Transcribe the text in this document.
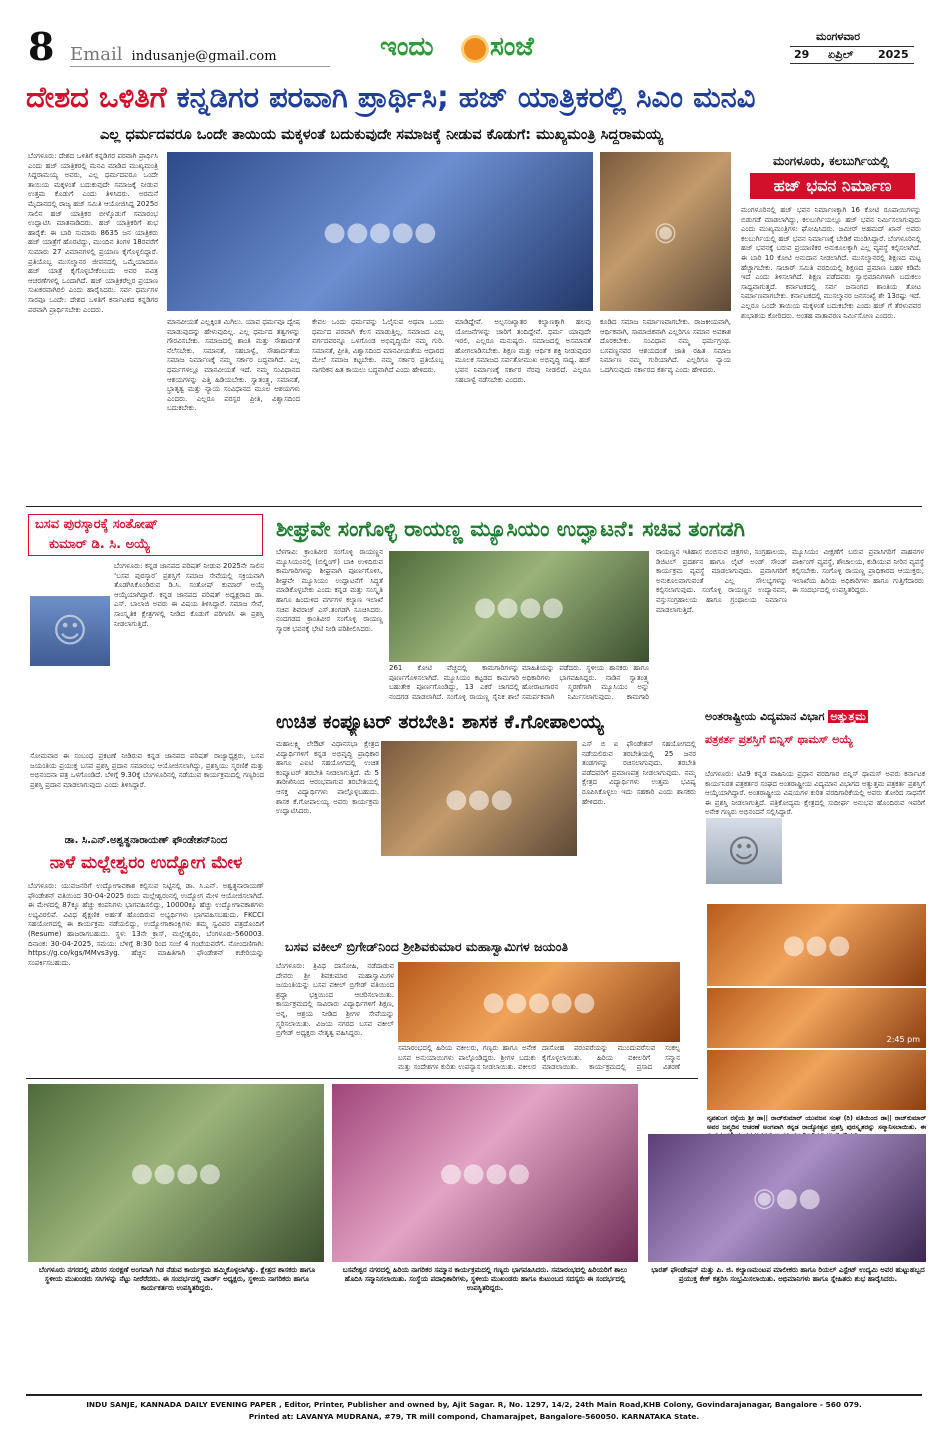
8 Email indusanje@gmail.com	ಇಂದು ಸಂಜೆ	ಮಂಗಳವಾರ
29 ಏಪ್ರಿಲ್ 2025
ದೇಶದ ಒಳಿತಿಗೆ ಕನ್ನಡಿಗರ ಪರವಾಗಿ ಪ್ರಾರ್ಥಿಸಿ; ಹಜ್ ಯಾತ್ರಿಕರಲ್ಲಿ ಸಿಎಂ ಮನವಿ
ಎಲ್ಲ ಧರ್ಮದವರೂ ಒಂದೇ ತಾಯಿಯ ಮಕ್ಕಳಂತೆ ಬದುಕುವುದೇ ಸಮಾಜಕ್ಕೆ ನೀಡುವ ಕೊಡುಗೆ: ಮುಖ್ಯಮಂತ್ರಿ ಸಿದ್ದರಾಮಯ್ಯ
ಬೆಂಗಳೂರು: ದೇಶದ ಒಳಿತಿಗೆ ಕನ್ನಡಿಗರ ಪರವಾಗಿ ಪ್ರಾರ್ಥಿಸಿ ಎಂದು ಹಜ್ ಯಾತ್ರಿಕರಲ್ಲಿ ಮನವಿ ಮಾಡಿದ ಮುಖ್ಯಮಂತ್ರಿ ಸಿದ್ದರಾಮಯ್ಯ ಅವರು, ಎಲ್ಲ ಧರ್ಮದವರೂ ಒಂದೇ ತಾಯಿಯ ಮಕ್ಕಳಂತೆ ಬದುಕುವುದೇ ಸಮಾಜಕ್ಕೆ ನೀಡುವ ಉತ್ತಮ ಕೊಡುಗೆ ಎಂದು ತಿಳಿಸಿದರು. ಅರಮನೆ ಮೈದಾನದಲ್ಲಿ ರಾಜ್ಯ ಹಜ್ ಸಮಿತಿ ಆಯೋಜಿಸಿದ್ದ 2025ರ ಸಾಲಿನ ಹಜ್ ಯಾತ್ರಿಕರ ಬೀಳ್ಕೊಡುಗೆ ಸಮಾರಂಭ ಉದ್ಘಾಟಿಸಿ ಮಾತನಾಡಿದರು. ಹಜ್ ಯಾತ್ರಿಕರಿಗೆ ಶುಭ ಹಾರೈಕೆ: ಈ ಬಾರಿ ಸುಮಾರು 8635 ಜನ ಯಾತ್ರಿಕರು ಹಜ್ ಯಾತ್ರೆಗೆ ಹೊರಟಿದ್ದು, ಮುಂದಿನ ತಿಂಗಳ 18ರವರೆಗೆ ಸುಮಾರು 27 ವಿಮಾನಗಳಲ್ಲಿ ಪ್ರಯಾಣ ಕೈಗೊಳ್ಳಲಿದ್ದಾರೆ. ಪ್ರತಿಯೊಬ್ಬ ಮುಸಲ್ಮಾನರ ಜೀವನದಲ್ಲಿ ಒಮ್ಮೆಯಾದರೂ ಹಜ್ ಯಾತ್ರೆ ಕೈಗೊಳ್ಳಬೇಕೆಂಬುದು ಅವರ ಪವಿತ್ರ ಆಚರಣೆಗಳಲ್ಲಿ ಒಂದಾಗಿದೆ. ಹಜ್ ಯಾತ್ರಿಕರೆಲ್ಲರ ಪ್ರಯಾಣ ಸುಖಕರವಾಗಿರಲಿ ಎಂದು ಹಾರೈಸಿದರು. ಸರ್ವ ಧರ್ಮಗಳ ಸಾರವೂ ಒಂದೇ: ದೇಶದ ಒಳಿತಿಗೆ ಕರ್ನಾಟಕದ ಕನ್ನಡಿಗರ ಪರವಾಗಿ ಪ್ರಾರ್ಥಿಸಬೇಕು ಎಂದರು.
●●●●●	◉
ಮಾನವೀಯತೆ ಎಲ್ಲಕ್ಕಿಂತ ಮಿಗಿಲು. ಯಾವ ಧರ್ಮವೂ ದ್ವೇಷ ಮಾಡುವುದನ್ನು ಹೇಳುವುದಿಲ್ಲ. ಎಲ್ಲ ಧರ್ಮದ ತತ್ವಗಳನ್ನು ಗೌರವಿಸಬೇಕು. ಸಮಾಜದಲ್ಲಿ ಶಾಂತಿ ಮತ್ತು ಸೌಹಾರ್ದತೆ ನೆಲೆಸಬೇಕು. ಸಮಾನತೆ, ಸಹಬಾಳ್ವೆ, ಸೌಹಾರ್ದತೆಯ ಸಮಾಜ ನಿರ್ಮಾಣಕ್ಕೆ ನಮ್ಮ ಸರ್ಕಾರ ಬದ್ಧವಾಗಿದೆ. ಎಲ್ಲ ಧರ್ಮಗಳಲ್ಲೂ ಮಾನವೀಯತೆ ಇದೆ. ನಮ್ಮ ಸಂವಿಧಾನದ ಆಶಯಗಳನ್ನು ಎತ್ತಿ ಹಿಡಿಯಬೇಕು. ಸ್ವಾತಂತ್ರ್ಯ, ಸಮಾನತೆ, ಭ್ರಾತೃತ್ವ ಮತ್ತು ನ್ಯಾಯ ಸಂವಿಧಾನದ ಮೂಲ ಆಶಯಗಳು ಎಂದರು. ಎಲ್ಲರೂ ಪರಸ್ಪರ ಪ್ರೀತಿ, ವಿಶ್ವಾಸದಿಂದ ಬದುಕಬೇಕು.
ಕೇವಲ ಒಂದು ಧರ್ಮವನ್ನು ಓಲೈಸುವ ಅಥವಾ ಒಂದು ಧರ್ಮದ ಪರವಾಗಿ ಕೆಲಸ ಮಾಡುತ್ತಿಲ್ಲ. ಸಮಾಜದ ಎಲ್ಲ ವರ್ಗದವರನ್ನೂ ಒಳಗೊಂಡ ಅಭಿವೃದ್ಧಿಯೇ ನಮ್ಮ ಗುರಿ. ಸಮಾನತೆ, ಪ್ರೀತಿ, ವಿಶ್ವಾಸದಿಂದ ಮಾನವೀಯತೆಯ ಆಧಾರದ ಮೇಲೆ ಸಮಾಜ ಕಟ್ಟಬೇಕು. ನಮ್ಮ ಸರ್ಕಾರ ಪ್ರತಿಯೊಬ್ಬ ನಾಗರಿಕನ ಹಿತ ಕಾಯಲು ಬದ್ಧವಾಗಿದೆ ಎಂದು ಹೇಳಿದರು.
ಮಾಡಿದ್ದೇವೆ. ಅಲ್ಪಸಂಖ್ಯಾತರ ಕಲ್ಯಾಣಕ್ಕಾಗಿ ಹಲವು ಯೋಜನೆಗಳನ್ನು ಜಾರಿಗೆ ತಂದಿದ್ದೇವೆ. ಧರ್ಮ ಯಾವುದೇ ಇರಲಿ, ಎಲ್ಲರೂ ಮನುಷ್ಯರು. ಸಮಾಜದಲ್ಲಿ ಅಸಮಾನತೆ ಹೋಗಲಾಡಿಸಬೇಕು. ಶಿಕ್ಷಣ ಮತ್ತು ಆರ್ಥಿಕ ಶಕ್ತಿ ನೀಡುವುದರ ಮೂಲಕ ಸಮಾಜದ ಸರ್ವತೋಮುಖ ಅಭಿವೃದ್ಧಿ ಸಾಧ್ಯ. ಹಜ್ ಭವನ ನಿರ್ಮಾಣಕ್ಕೆ ಸರ್ಕಾರ ನೆರವು ನೀಡಲಿದೆ. ಎಲ್ಲರೂ ಸಹಬಾಳ್ವೆ ನಡೆಸಬೇಕು ಎಂದರು.
ಕೂಡಿದ ಸಮಾಜ ನಿರ್ಮಾಣವಾಗಬೇಕು. ರಾಜಕೀಯವಾಗಿ, ಆರ್ಥಿಕವಾಗಿ, ಸಾಮಾಜಿಕವಾಗಿ ಎಲ್ಲರಿಗೂ ಸಮಾನ ಅವಕಾಶ ದೊರಕಬೇಕು. ಸಂವಿಧಾನ ನಮ್ಮ ಧರ್ಮಗ್ರಂಥ. ಬಸವಣ್ಣನವರ ಆಶಯದಂತೆ ಜಾತಿ ರಹಿತ ಸಮಾಜ ನಿರ್ಮಾಣ ನಮ್ಮ ಗುರಿಯಾಗಿದೆ. ಎಲ್ಲರಿಗೂ ನ್ಯಾಯ ಒದಗಿಸುವುದು ಸರ್ಕಾರದ ಕರ್ತವ್ಯ ಎಂದು ಹೇಳಿದರು.
ಮಂಗಳೂರು, ಕಲಬುರ್ಗಿಯಲ್ಲಿ
ಹಜ್ ಭವನ ನಿರ್ಮಾಣ
ಮಂಗಳೂರಿನಲ್ಲಿ ಹಜ್ ಭವನ ನಿರ್ಮಾಣಕ್ಕಾಗಿ 16 ಕೋಟಿ ರೂಪಾಯಿಗಳನ್ನು ಬಿಡುಗಡೆ ಮಾಡಲಾಗಿದ್ದು, ಕಲಬುರ್ಗಿಯಲ್ಲೂ ಹಜ್ ಭವನ ನಿರ್ಮಿಸಲಾಗುವುದು ಎಂದು ಮುಖ್ಯಮಂತ್ರಿಗಳು ಘೋಷಿಸಿದರು. ಜಮೀರ್ ಅಹಮದ್ ಖಾನ್ ಅವರು ಕಲಬುರ್ಗಿಯಲ್ಲಿ ಹಜ್ ಭವನ ನಿರ್ಮಾಣಕ್ಕೆ ಬೇಡಿಕೆ ಮಂಡಿಸಿದ್ದಾರೆ. ಬೆಂಗಳೂರಿನಲ್ಲಿ ಹಜ್ ಭವನಕ್ಕೆ ಬರುವ ಪ್ರಯಾಣಿಕರ ಅನುಕೂಲಕ್ಕಾಗಿ ಎಲ್ಲ ವ್ಯವಸ್ಥೆ ಕಲ್ಪಿಸಲಾಗಿದೆ. ಈ ಬಾರಿ 10 ಕೋಟಿ ಅನುದಾನ ನೀಡಲಾಗಿದೆ. ಮುಸಲ್ಮಾನರಲ್ಲಿ ಶಿಕ್ಷಣದ ಮಟ್ಟ ಹೆಚ್ಚಾಗಬೇಕು. ಸಾಚಾರ್ ಸಮಿತಿ ವರದಿಯಲ್ಲಿ ಶಿಕ್ಷಣದ ಪ್ರಮಾಣ ಬಹಳ ಕಡಿಮೆ ಇದೆ ಎಂದು ತಿಳಿಸಲಾಗಿದೆ. ಶಿಕ್ಷಣ ಪಡೆದವರು ಸ್ವಾಭಿಮಾನಿಗಳಾಗಿ ಬದುಕಲು ಸಾಧ್ಯವಾಗುತ್ತದೆ. ಕರ್ನಾಟಕದಲ್ಲಿ ಸರ್ವ ಜನಾಂಗದ ಶಾಂತಿಯ ತೋಟ ನಿರ್ಮಾಣವಾಗಬೇಕು. ಕರ್ನಾಟಕದಲ್ಲಿ ಮುಸಲ್ಮಾನರ ಜನಸಂಖ್ಯೆ ಶೇ 13ರಷ್ಟು ಇದೆ. ಎಲ್ಲರೂ ಒಂದೇ ತಾಯಿಯ ಮಕ್ಕಳಂತೆ ಬದುಕಬೇಕು ಎಂದು ಹಜ್ ಗೆ ತೆರಳುವವರ ಶುಭಾಶಯ ಕೋರಿದರು. ಅಂತಹ ವಾತಾವರಣ ನಿರ್ಮಿಸೋಣ ಎಂದರು.
ಬಸವ ಪುರಸ್ಕಾರಕ್ಕೆ ಸಂತೋಷ್
ಕುಮಾರ್ ಡಿ. ಸಿ. ಅಯ್ಯೆ
☺
ಬೆಂಗಳೂರು: ಕನ್ನಡ ಜಾನಪದ ಪರಿಷತ್ ನೀಡುವ 2025ನೇ ಸಾಲಿನ ‘ಬಸವ ಪುರಸ್ಕಾರ’ ಪ್ರಶಸ್ತಿಗೆ ಸಮಾಜ ಸೇವೆಯಲ್ಲಿ ಸಕ್ರಿಯವಾಗಿ ತೊಡಗಿಸಿಕೊಂಡಿರುವ ಡಿ.ಸಿ. ಸಂತೋಷ್ ಕುಮಾರ್ ಅಯ್ಯೆ ಆಯ್ಕೆಯಾಗಿದ್ದಾರೆ. ಕನ್ನಡ ಜಾನಪದ ಪರಿಷತ್ ಅಧ್ಯಕ್ಷರಾದ ಡಾ. ಎಸ್. ಬಾಲಾಜಿ ಅವರು ಈ ವಿಷಯ ತಿಳಿಸಿದ್ದಾರೆ. ಸಮಾಜ ಸೇವೆ, ಸಾಂಸ್ಕೃತಿಕ ಕ್ಷೇತ್ರಗಳಲ್ಲಿ ನೀಡಿದ ಕೊಡುಗೆ ಪರಿಗಣಿಸಿ ಈ ಪ್ರಶಸ್ತಿ ನೀಡಲಾಗುತ್ತಿದೆ.
ಸೋಮವಾರ ಈ ಸಂಬಂಧ ಪ್ರಕಟಣೆ ನೀಡಿರುವ ಕನ್ನಡ ಜಾನಪದ ಪರಿಷತ್ ರಾಜ್ಯಾಧ್ಯಕ್ಷರು, ಬಸವ ಜಯಂತಿಯ ಪ್ರಯುಕ್ತ ಬಸವ ಪ್ರಶಸ್ತಿ ಪ್ರದಾನ ಸಮಾರಂಭ ಆಯೋಜಿಸಲಾಗಿದ್ದು, ಪ್ರಶಸ್ತಿಯು ಸ್ಮರಣಿಕೆ ಮತ್ತು ಅಭಿನಂದನಾ ಪತ್ರ ಒಳಗೊಂಡಿದೆ. ಬೆಳಿಗ್ಗೆ 9.30ಕ್ಕೆ ಬೆಂಗಳೂರಿನಲ್ಲಿ ನಡೆಯುವ ಕಾರ್ಯಕ್ರಮದಲ್ಲಿ ಗಣ್ಯರಿಂದ ಪ್ರಶಸ್ತಿ ಪ್ರದಾನ ಮಾಡಲಾಗುವುದು ಎಂದು ತಿಳಿಸಿದ್ದಾರೆ.
ಡಾ. ಸಿ.ಎನ್.ಅಶ್ವತ್ಥನಾರಾಯಣ್ ಫೌಂಡೇಶನ್‌ನಿಂದ
ನಾಳೆ ಮಲ್ಲೇಶ್ವರಂ ಉದ್ಯೋಗ ಮೇಳ
ಬೆಂಗಳೂರು: ಯುವಜನರಿಗೆ ಉದ್ಯೋಗಾವಕಾಶ ಕಲ್ಪಿಸುವ ನಿಟ್ಟಿನಲ್ಲಿ ಡಾ. ಸಿ.ಎನ್. ಅಶ್ವತ್ಥನಾರಾಯಣ್ ಫೌಂಡೇಶನ್ ವತಿಯಿಂದ 30-04-2025 ರಂದು ಮಲ್ಲೇಶ್ವರಂನಲ್ಲಿ ಉದ್ಯೋಗ ಮೇಳ ಆಯೋಜಿಸಲಾಗಿದೆ. ಈ ಮೇಳದಲ್ಲಿ 87ಕ್ಕೂ ಹೆಚ್ಚು ಕಂಪನಿಗಳು ಭಾಗವಹಿಸಲಿದ್ದು, 10000ಕ್ಕೂ ಹೆಚ್ಚು ಉದ್ಯೋಗಾವಕಾಶಗಳು ಲಭ್ಯವಿರಲಿವೆ. ವಿವಿಧ ಶೈಕ್ಷಣಿಕ ಅರ್ಹತೆ ಹೊಂದಿರುವ ಅಭ್ಯರ್ಥಿಗಳು ಭಾಗವಹಿಸಬಹುದು. FKCCI ಸಹಯೋಗದಲ್ಲಿ ಈ ಕಾರ್ಯಕ್ರಮ ನಡೆಯಲಿದ್ದು, ಉದ್ಯೋಗಾಕಾಂಕ್ಷಿಗಳು ತಮ್ಮ ಸ್ವವಿವರ ಪತ್ರದೊಂದಿಗೆ (Resume) ಹಾಜರಾಗಬಹುದು. ಸ್ಥಳ: 13ನೇ ಕ್ರಾಸ್, ಮಲ್ಲೇಶ್ವರಂ, ಬೆಂಗಳೂರು-560003. ದಿನಾಂಕ: 30-04-2025, ಸಮಯ: ಬೆಳಿಗ್ಗೆ 8:30 ರಿಂದ ಸಂಜೆ 4 ಗಂಟೆಯವರೆಗೆ. ನೋಂದಣಿಗಾಗಿ: https://g.co/kgs/MMvs3yg. ಹೆಚ್ಚಿನ ಮಾಹಿತಿಗಾಗಿ ಫೌಂಡೇಶನ್ ಕಚೇರಿಯನ್ನು ಸಂಪರ್ಕಿಸಬಹುದು.
ಶೀಘ್ರವೇ ಸಂಗೊಳ್ಳಿ ರಾಯಣ್ಣ ಮ್ಯೂಸಿಯಂ ಉದ್ಘಾಟನೆ: ಸಚಿವ ತಂಗಡಗಿ
ಬೆಳಗಾವಿ: ಕ್ರಾಂತಿವೀರ ಸಂಗೊಳ್ಳಿ ರಾಯಣ್ಣನ ಮ್ಯೂಸಿಯಂನಲ್ಲಿ (ಬಿಲ್ಡಿಂಗ್) ಬಾಕಿ ಉಳಿದಿರುವ ಕಾಮಗಾರಿಗಳನ್ನು ಶೀಘ್ರವಾಗಿ ಪೂರ್ಣಗೊಳಿಸಿ, ಶೀಘ್ರವೇ ಮ್ಯೂಸಿಯಂ ಉದ್ಘಾಟನೆಗೆ ಸಿದ್ಧತೆ ಮಾಡಿಕೊಳ್ಳಬೇಕು ಎಂದು ಕನ್ನಡ ಮತ್ತು ಸಂಸ್ಕೃತಿ ಹಾಗೂ ಹಿಂದುಳಿದ ವರ್ಗಗಳ ಕಲ್ಯಾಣ ಇಲಾಖೆ ಸಚಿವ ಶಿವರಾಜ್ ಎಸ್.ತಂಗಡಗಿ ಸೂಚಿಸಿದರು. ನಂದಗಡದ ಕ್ರಾಂತಿವೀರ ಸಂಗೊಳ್ಳಿ ರಾಯಣ್ಣ ಸ್ಮಾರಕ ಭವನಕ್ಕೆ ಭೇಟಿ ನೀಡಿ ಪರಿಶೀಲಿಸಿದರು.
●●●●
261 ಕೋಟಿ ವೆಚ್ಚದಲ್ಲಿ ಕಾಮಗಾರಿಗಳನ್ನು ಪೂರ್ಣಗೊಳಿಸಲಾಗಿದೆ. ಮ್ಯೂಸಿಯಂ ಕಟ್ಟಡದ ಕಾಮಗಾರಿ ಬಹುತೇಕ ಪೂರ್ಣಗೊಂಡಿದ್ದು, 13 ಎಕರೆ ಜಾಗದಲ್ಲಿ ನಂದಗಡ ಮಾಡಲಾಗಿದೆ. ಸಂಗೊಳ್ಳಿ ರಾಯಣ್ಣ ಸೈನಿಕ ಶಾಲೆ
ಮಾಹಿತಿಯನ್ನು ಪಡೆದರು. ಸ್ಥಳೀಯ ಶಾಸಕರು ಹಾಗೂ ಅಧಿಕಾರಿಗಳು ಭಾಗವಹಿಸಿದ್ದರು. ನಾಡಿನ ಸ್ವಾತಂತ್ರ್ಯ ಹೋರಾಟಗಾರನ ಸ್ಮರಣೆಗಾಗಿ ಮ್ಯೂಸಿಯಂ ಅನ್ನು ಸಮರ್ಪಕವಾಗಿ ನಿರ್ಮಿಸಲಾಗುವುದು. ಕಾಮಗಾರಿ
ರಾಯಣ್ಣನ ಇತಿಹಾಸ ಬಿಂಬಿಸುವ ಚಿತ್ರಗಳು, ಸಂಗ್ರಹಾಲಯ, ಡಿಜಿಟಲ್ ಪ್ರದರ್ಶನ ಹಾಗೂ ಲೈಟ್ ಅಂಡ್ ಸೌಂಡ್ ಕಾರ್ಯಕ್ರಮ ವ್ಯವಸ್ಥೆ ಮಾಡಲಾಗುವುದು. ಪ್ರವಾಸಿಗರಿಗೆ ಅನುಕೂಲವಾಗುವಂತೆ ಎಲ್ಲ ಸೌಲಭ್ಯಗಳನ್ನು ಕಲ್ಪಿಸಲಾಗುವುದು. ಸಂಗೊಳ್ಳಿ ರಾಯಣ್ಣನ ಉದ್ಯಾನವನ, ವಸ್ತುಸಂಗ್ರಹಾಲಯ ಹಾಗೂ ಗ್ರಂಥಾಲಯ ನಿರ್ಮಾಣ ಮಾಡಲಾಗುತ್ತಿದೆ.
ಮ್ಯೂಸಿಯಂ ವೀಕ್ಷಣೆಗೆ ಬರುವ ಪ್ರವಾಸಿಗರಿಗೆ ವಾಹನಗಳ ಪಾರ್ಕಿಂಗ್ ವ್ಯವಸ್ಥೆ, ಶೌಚಾಲಯ, ಕುಡಿಯುವ ನೀರಿನ ವ್ಯವಸ್ಥೆ ಕಲ್ಪಿಸಬೇಕು. ಸಂಗೊಳ್ಳಿ ರಾಯಣ್ಣ ಪ್ರಾಧಿಕಾರದ ಆಯುಕ್ತರು, ಇಲಾಖೆಯ ಹಿರಿಯ ಅಧಿಕಾರಿಗಳು ಹಾಗೂ ಗುತ್ತಿಗೆದಾರರು ಈ ಸಂದರ್ಭದಲ್ಲಿ ಉಪಸ್ಥಿತರಿದ್ದರು.
ಉಚಿತ ಕಂಪ್ಯೂಟರ್ ತರಬೇತಿ: ಶಾಸಕ ಕೆ.ಗೋಪಾಲಯ್ಯ
ಮಹಾಲಕ್ಷ್ಮಿ ಲೇಔಟ್ ವಿಧಾನಸಭಾ ಕ್ಷೇತ್ರದ ವಿದ್ಯಾರ್ಥಿಗಳಿಗೆ ಕನ್ನಡ ಅಭಿವೃದ್ಧಿ ಪ್ರಾಧಿಕಾರ ಹಾಗೂ ಎಐಟಿ ಸಹಯೋಗದಲ್ಲಿ ಉಚಿತ ಕಂಪ್ಯೂಟರ್ ತರಬೇತಿ ನೀಡಲಾಗುತ್ತಿದೆ. ಮೆ 5 ತಾರೀಖಿನಿಂದ ಆರಂಭವಾಗುವ ತರಬೇತಿಯಲ್ಲಿ ಆಸಕ್ತ ವಿದ್ಯಾರ್ಥಿಗಳು ಪಾಲ್ಗೊಳ್ಳಬಹುದು. ಶಾಸಕ ಕೆ.ಗೋಪಾಲಯ್ಯ ಅವರು ಕಾರ್ಯಕ್ರಮ ಉದ್ಘಾಟಿಸಿದರು.	●●●
ಎಸ್ ಬಿ ಐ ಫೌಂಡೇಶನ್ ಸಹಯೋಗದಲ್ಲಿ ನಡೆಯಲಿರುವ ತರಬೇತಿಯಲ್ಲಿ 25 ಜನರ ತಂಡಗಳನ್ನು ರಚಿಸಲಾಗುವುದು. ತರಬೇತಿ ಪಡೆದವರಿಗೆ ಪ್ರಮಾಣಪತ್ರ ನೀಡಲಾಗುವುದು. ನಮ್ಮ ಕ್ಷೇತ್ರದ ವಿದ್ಯಾರ್ಥಿಗಳು ಉತ್ತಮ ಭವಿಷ್ಯ ರೂಪಿಸಿಕೊಳ್ಳಲು ಇದು ಸಹಕಾರಿ ಎಂದು ಶಾಸಕರು ಹೇಳಿದರು.
ಅಂತರಾಷ್ಟ್ರೀಯ ವಿದ್ಯಮಾನ ವಿಭಾಗ ಅತ್ಯುತ್ತಮ
ಪತ್ರಕರ್ತ ಪ್ರಶಸ್ತಿಗೆ ಬಿನ್ನಿಸ್ ಥಾಮಸ್ ಅಯ್ಯೆ
ಬೆಂಗಳೂರು: ಟಿವಿ9 ಕನ್ನಡ ವಾಹಿನಿಯ ಪ್ರಧಾನ ವರದಿಗಾರ ಬಿನ್ನಿಸ್ ಥಾಮಸ್ ಅವರು ಕರ್ನಾಟಕ ಕಾರ್ಯನಿರತ ಪತ್ರಕರ್ತರ ಸಂಘದ ಅಂತರಾಷ್ಟ್ರೀಯ ವಿದ್ಯಮಾನ ವಿಭಾಗದ ಅತ್ಯುತ್ತಮ ಪತ್ರಕರ್ತ ಪ್ರಶಸ್ತಿಗೆ ಆಯ್ಕೆಯಾಗಿದ್ದಾರೆ. ಅಂತರಾಷ್ಟ್ರೀಯ ವಿಷಯಗಳ ಕುರಿತ ವರದಿಗಾರಿಕೆಯಲ್ಲಿ ಅವರು ತೋರಿದ ಸಾಧನೆಗೆ ಈ ಪ್ರಶಸ್ತಿ ನೀಡಲಾಗುತ್ತಿದೆ. ಪತ್ರಿಕೋದ್ಯಮ ಕ್ಷೇತ್ರದಲ್ಲಿ ಸುದೀರ್ಘ ಅನುಭವ ಹೊಂದಿರುವ ಇವರಿಗೆ ಅನೇಕ ಗಣ್ಯರು ಅಭಿನಂದನೆ ಸಲ್ಲಿಸಿದ್ದಾರೆ.
☺
ಬಸವ ವಕೀಲ್ ಬ್ರಿಗೇಡ್‌ನಿಂದ ಶ್ರೀಶಿವಕುಮಾರ ಮಹಾಸ್ವಾಮಿಗಳ ಜಯಂತಿ
ಬೆಂಗಳೂರು: ತ್ರಿವಿಧ ದಾಸೋಹಿ, ನಡೆದಾಡುವ ದೇವರು ಶ್ರೀ ಶಿವಕುಮಾರ ಮಹಾಸ್ವಾಮಿಗಳ ಜಯಂತಿಯನ್ನು ಬಸವ ವಕೀಲ್ ಬ್ರಿಗೇಡ್ ವತಿಯಿಂದ ಶ್ರದ್ಧಾ ಭಕ್ತಿಯಿಂದ ಆಚರಿಸಲಾಯಿತು. ಕಾರ್ಯಕ್ರಮದಲ್ಲಿ ಸಾವಿರಾರು ವಿದ್ಯಾರ್ಥಿಗಳಿಗೆ ಶಿಕ್ಷಣ, ಅನ್ನ, ಆಶ್ರಯ ನೀಡಿದ ಶ್ರೀಗಳ ಸೇವೆಯನ್ನು ಸ್ಮರಿಸಲಾಯಿತು. ವಿಜಯ ನಗರದ ಬಸವ ವಕೀಲ್ ಬ್ರಿಗೇಡ್ ಅಧ್ಯಕ್ಷರು ನೇತೃತ್ವ ವಹಿಸಿದ್ದರು.
●●●●●
ಸಮಾರಂಭದಲ್ಲಿ ಹಿರಿಯ ವಕೀಲರು, ಗಣ್ಯರು ಹಾಗೂ ಅನೇಕ ಬಸವ ಅನುಯಾಯಿಗಳು ಪಾಲ್ಗೊಂಡಿದ್ದರು. ಶ್ರೀಗಳ ಬದುಕು ಮತ್ತು ಸಂದೇಶಗಳ ಕುರಿತು ಉಪನ್ಯಾಸ ನೀಡಲಾಯಿತು. ವಕೀಲರ
ದಾಸೋಹ ಪರಂಪರೆಯನ್ನು ಮುಂದುವರೆಸುವ ಸಂಕಲ್ಪ ಕೈಗೊಳ್ಳಲಾಯಿತು. ಹಿರಿಯ ವಕೀಲರಿಗೆ ಸನ್ಮಾನ ಮಾಡಲಾಯಿತು. ಕಾರ್ಯಕ್ರಮದಲ್ಲಿ ಪ್ರಸಾದ ವಿತರಣೆ
●●●
2:45 pm
ನೃಪತುಂಗ ರಸ್ತೆಯ ಶ್ರೀ ಡಾ|| ರಾಜ್‌ಕುಮಾರ್ ಯುವಜನ ಸಂಘ (ರಿ) ವತಿಯಿಂದ ಡಾ|| ರಾಜ್‌ಕುಮಾರ್ ಅವರ ಜನ್ಮದಿನ ಆಚರಣೆ ಅಂಗವಾಗಿ ಕನ್ನಡ ರಾಜ್ಯೋತ್ಸವ ಪ್ರಶಸ್ತಿ ಪುರಸ್ಕೃತರನ್ನು ಸನ್ಮಾನಿಸಲಾಯಿತು. ಈ
●●●●
ಬೆಂಗಳೂರು ನಗರದಲ್ಲಿ ಪರಿಸರ ಸಂರಕ್ಷಣೆ ಅಂಗವಾಗಿ ಗಿಡ ನೆಡುವ ಕಾರ್ಯಕ್ರಮ ಹಮ್ಮಿಕೊಳ್ಳಲಾಗಿತ್ತು. ಕ್ಷೇತ್ರದ ಶಾಸಕರು ಹಾಗೂ ಸ್ಥಳೀಯ ಮುಖಂಡರು ಸಸಿಗಳನ್ನು ನೆಟ್ಟು ನೀರೆರೆದರು. ಈ ಸಂದರ್ಭದಲ್ಲಿ ವಾರ್ಡ್ ಅಧ್ಯಕ್ಷರು, ಸ್ಥಳೀಯ ನಾಗರಿಕರು ಹಾಗೂ ಕಾರ್ಯಕರ್ತರು ಉಪಸ್ಥಿತರಿದ್ದರು.
●●●●
ಬಸವೇಶ್ವರ ನಗರದಲ್ಲಿ ಹಿರಿಯ ನಾಗರಿಕರ ಸಮ್ಮಾನ ಕಾರ್ಯಕ್ರಮದಲ್ಲಿ ಗಣ್ಯರು ಭಾಗವಹಿಸಿದರು. ಸಮಾರಂಭದಲ್ಲಿ ಹಿರಿಯರಿಗೆ ಶಾಲು ಹೊದಿಸಿ ಸನ್ಮಾನಿಸಲಾಯಿತು. ಸಂಸ್ಥೆಯ ಪದಾಧಿಕಾರಿಗಳು, ಸ್ಥಳೀಯ ಮುಖಂಡರು ಹಾಗೂ ಕುಟುಂಬದ ಸದಸ್ಯರು ಈ ಸಂದರ್ಭದಲ್ಲಿ ಉಪಸ್ಥಿತರಿದ್ದರು.
◉●●
ಭಾರತ್ ಫೌಂಡೇಷನ್ ಮತ್ತು ಪಿ. ಜಿ. ಕಲ್ಯಾಣಮಂಟಪ ಮಾಲೀಕರು ಹಾಗೂ ರಿಯಲ್ ಎಸ್ಟೇಟ್ ಉದ್ಯಮಿ ಅವರ ಹುಟ್ಟುಹಬ್ಬದ ಪ್ರಯುಕ್ತ ಕೇಕ್ ಕತ್ತರಿಸಿ ಸಂಭ್ರಮಿಸಲಾಯಿತು. ಅಭಿಮಾನಿಗಳು ಹಾಗೂ ಸ್ನೇಹಿತರು ಶುಭ ಹಾರೈಸಿದರು.
INDU SANJE, KANNADA DAILY EVENING PAPER , Editor, Printer, Publisher and owned by, Ajit Sagar. R, No. 1297, 14/2, 24th Main Road,KHB Colony, Govindarajanagar, Bangalore - 560 079.
Printed at: LAVANYA MUDRANA, #79, TR mill compond, Chamarajpet, Bangalore-560050. KARNATAKA State.
